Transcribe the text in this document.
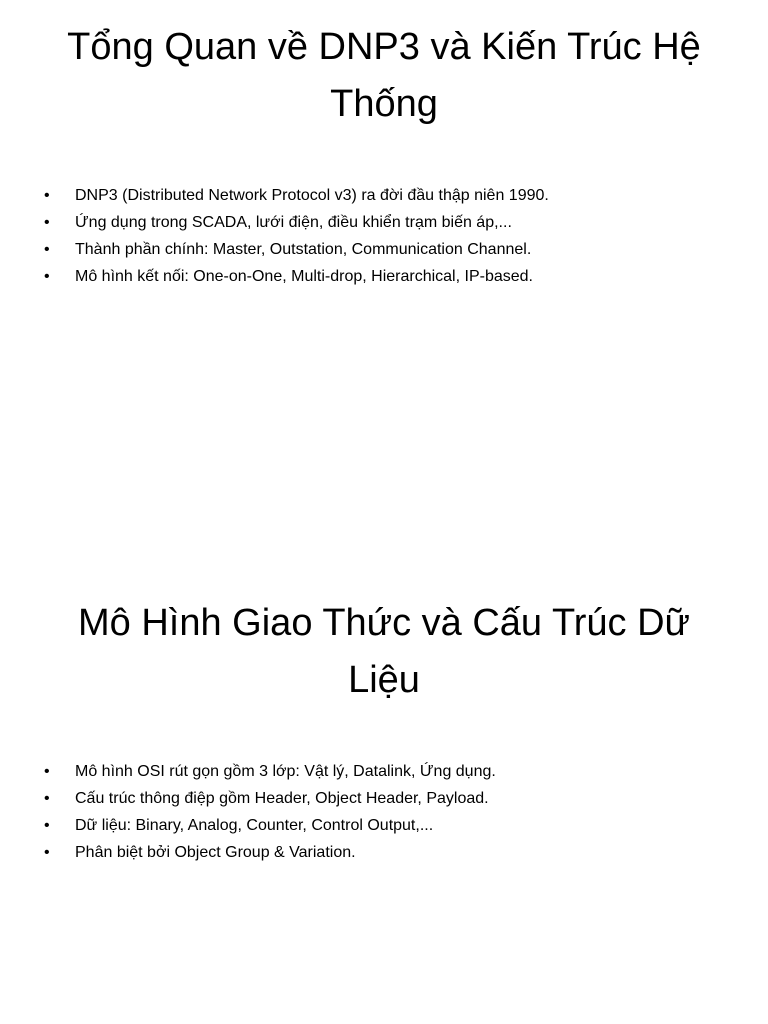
Tổng Quan về DNP3 và Kiến Trúc Hệ Thống
• DNP3 (Distributed Network Protocol v3) ra đời đầu thập niên 1990.
• Ứng dụng trong SCADA, lưới điện, điều khiển trạm biến áp,...
• Thành phần chính: Master, Outstation, Communication Channel.
• Mô hình kết nối: One-on-One, Multi-drop, Hierarchical, IP-based.
Mô Hình Giao Thức và Cấu Trúc Dữ Liệu
• Mô hình OSI rút gọn gồm 3 lớp: Vật lý, Datalink, Ứng dụng.
• Cấu trúc thông điệp gồm Header, Object Header, Payload.
• Dữ liệu: Binary, Analog, Counter, Control Output,...
• Phân biệt bởi Object Group & Variation.
